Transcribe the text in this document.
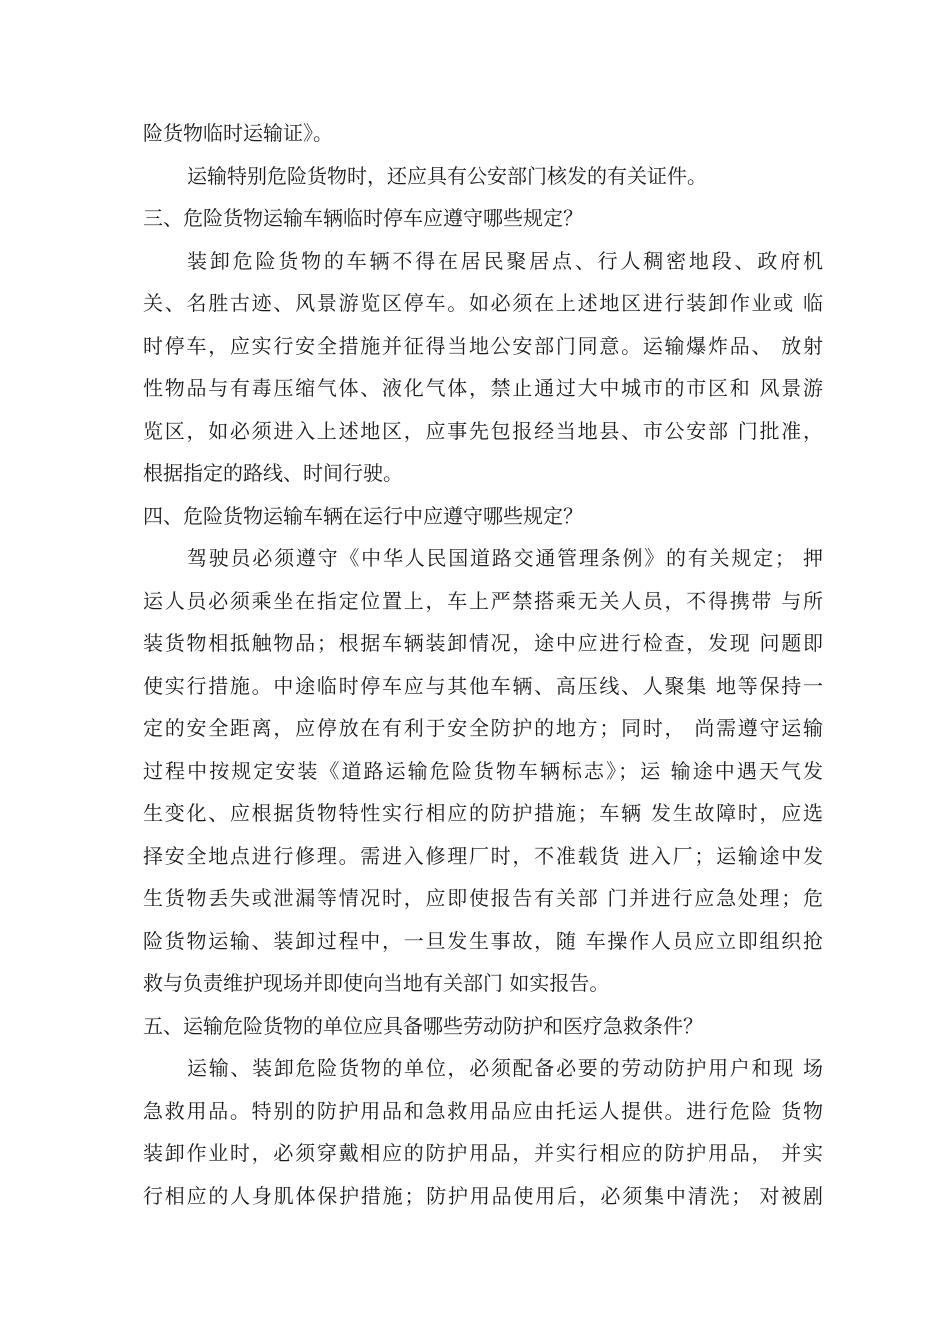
险货物临时运输证》。
运输特别危险货物时，还应具有公安部门核发的有关证件。
三、危险货物运输车辆临时停车应遵守哪些规定？
装卸危险货物的车辆不得在居民聚居点、行人稠密地段、政府机
关、名胜古迹、风景游览区停车。如必须在上述地区进行装卸作业或 临
时停车，应实行安全措施并征得当地公安部门同意。运输爆炸品、 放射
性物品与有毒压缩气体、液化气体，禁止通过大中城市的市区和 风景游
览区，如必须进入上述地区，应事先包报经当地县、市公安部 门批准，
根据指定的路线、时间行驶。
四、危险货物运输车辆在运行中应遵守哪些规定？
驾驶员必须遵守《中华人民国道路交通管理条例》的有关规定； 押
运人员必须乘坐在指定位置上，车上严禁搭乘无关人员，不得携带 与所
装货物相抵触物品；根据车辆装卸情况，途中应进行检查，发现 问题即
使实行措施。中途临时停车应与其他车辆、高压线、人聚集 地等保持一
定的安全距离，应停放在有利于安全防护的地方；同时， 尚需遵守运输
过程中按规定安装《道路运输危险货物车辆标志》；运 输途中遇天气发
生变化、应根据货物特性实行相应的防护措施；车辆 发生故障时，应选
择安全地点进行修理。需进入修理厂时，不准载货 进入厂；运输途中发
生货物丢失或泄漏等情况时，应即使报告有关部 门并进行应急处理；危
险货物运输、装卸过程中，一旦发生事故，随 车操作人员应立即组织抢
救与负责维护现场并即使向当地有关部门 如实报告。
五、运输危险货物的单位应具备哪些劳动防护和医疗急救条件？
运输、装卸危险货物的单位，必须配备必要的劳动防护用户和现 场
急救用品。特别的防护用品和急救用品应由托运人提供。进行危险 货物
装卸作业时，必须穿戴相应的防护用品，并实行相应的防护用品， 并实
行相应的人身肌体保护措施；防护用品使用后，必须集中清洗； 对被剧
